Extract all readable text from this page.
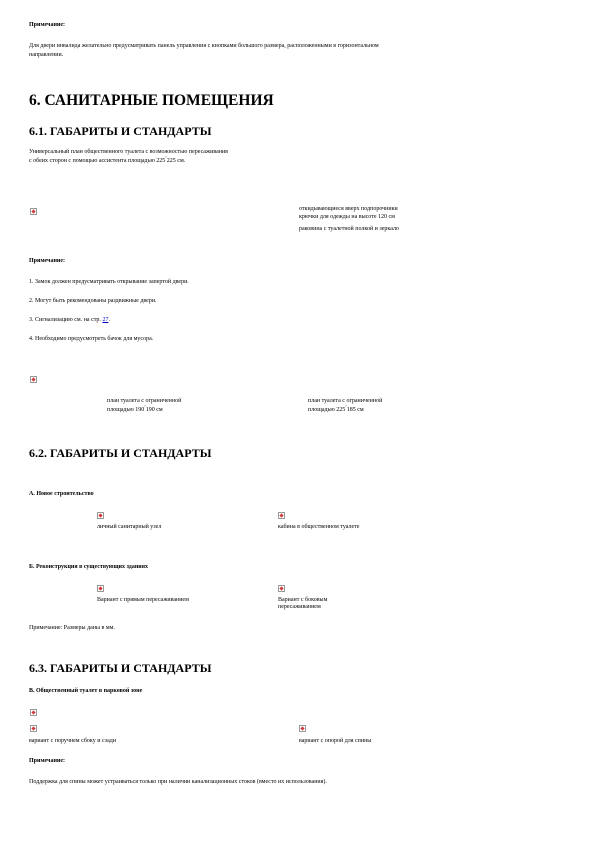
Примечание:
Для двери инвалида желательно предусматривать панель управления с кнопками большого размера, расположенными в горизонтальном
направлении.
6. САНИТАРНЫЕ ПОМЕЩЕНИЯ
6.1. ГАБАРИТЫ И СТАНДАРТЫ
Универсальный план общественного туалета с возможностью пересаживания
с обеих сторон с помощью ассистента площадью 225 ́225 см.
откидывающиеся вверх подпорочники
крючки для одежды на высоте 120 см
раковина с туалетной полкой и зеркало
Примечание:
1. Замок должен предусматривать открывание запертой двери.
2. Могут быть рекомендованы раздвижные двери.
3. Сигнализацию см. на стр. 27.
4. Необходимо предусмотреть бачок для мусора.
план туалета с ограниченной
площадью 190 ́190 см
план туалета с ограниченной
площадью 225 ́185 см
6.2. ГАБАРИТЫ И СТАНДАРТЫ
А. Новое строительство
личный санитарный узел	кабина в общественном туалете
Б. Реконструкция в существующих зданиях
Вариант с прямым пересаживанием	Вариант с боковым
пересаживанием
Примечание: Размеры даны в мм.
6.3. ГАБАРИТЫ И СТАНДАРТЫ
В. Общественный туалет в парковой зоне
вариант с поручнем сбоку и сзади	вариант с опорой для спины
Примечание:
Поддержка для спины может устраиваться только при наличии канализационных стоков (вместо их использования).
